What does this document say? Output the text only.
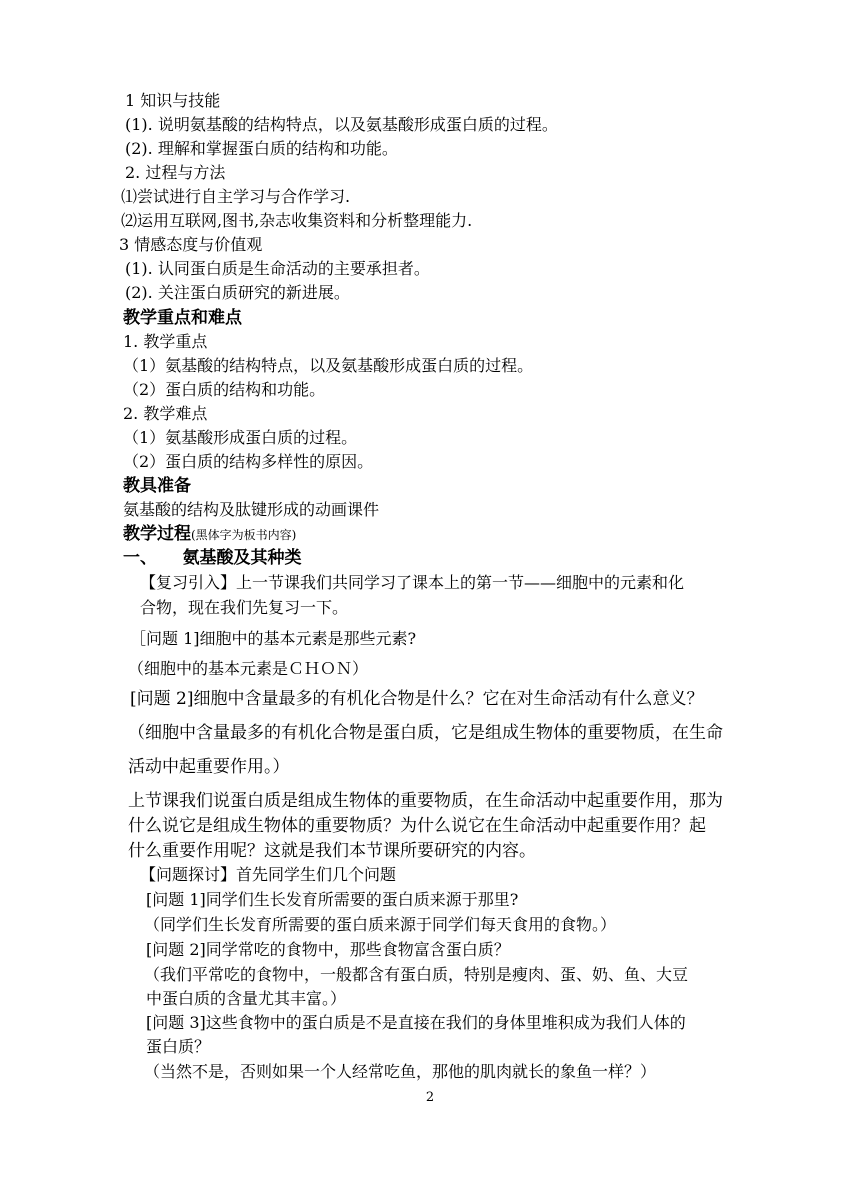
1 知识与技能
(1). 说明氨基酸的结构特点，以及氨基酸形成蛋白质的过程。
(2). 理解和掌握蛋白质的结构和功能。
2. 过程与方法
⑴尝试进行自主学习与合作学习.
⑵运用互联网,图书,杂志收集资料和分析整理能力.
3 情感态度与价值观
(1). 认同蛋白质是生命活动的主要承担者。
(2). 关注蛋白质研究的新进展。
教学重点和难点
1. 教学重点
（1）氨基酸的结构特点，以及氨基酸形成蛋白质的过程。
（2）蛋白质的结构和功能。
2. 教学难点
（1）氨基酸形成蛋白质的过程。
（2）蛋白质的结构多样性的原因。
教具准备
氨基酸的结构及肽键形成的动画课件
教学过程(黑体字为板书内容)
一、　　氨基酸及其种类
【复习引入】上一节课我们共同学习了课本上的第一节——细胞中的元素和化
合物，现在我们先复习一下。
［问题 1]细胞中的基本元素是那些元素?
（细胞中的基本元素是ＣＨＯＮ）
[问题 2]细胞中含量最多的有机化合物是什么？它在对生命活动有什么意义？
（细胞中含量最多的有机化合物是蛋白质，它是组成生物体的重要物质，在生命
活动中起重要作用。）
上节课我们说蛋白质是组成生物体的重要物质，在生命活动中起重要作用，那为
什么说它是组成生物体的重要物质？为什么说它在生命活动中起重要作用？起
什么重要作用呢？这就是我们本节课所要研究的内容。
【问题探讨】首先同学生们几个问题
[问题 1]同学们生长发育所需要的蛋白质来源于那里?
（同学们生长发育所需要的蛋白质来源于同学们每天食用的食物。）
[问题 2]同学常吃的食物中，那些食物富含蛋白质？
（我们平常吃的食物中，一般都含有蛋白质，特别是瘦肉、蛋、奶、鱼、大豆
中蛋白质的含量尤其丰富。）
[问题 3]这些食物中的蛋白质是不是直接在我们的身体里堆积成为我们人体的
蛋白质？
（当然不是，否则如果一个人经常吃鱼，那他的肌肉就长的象鱼一样？）
2
